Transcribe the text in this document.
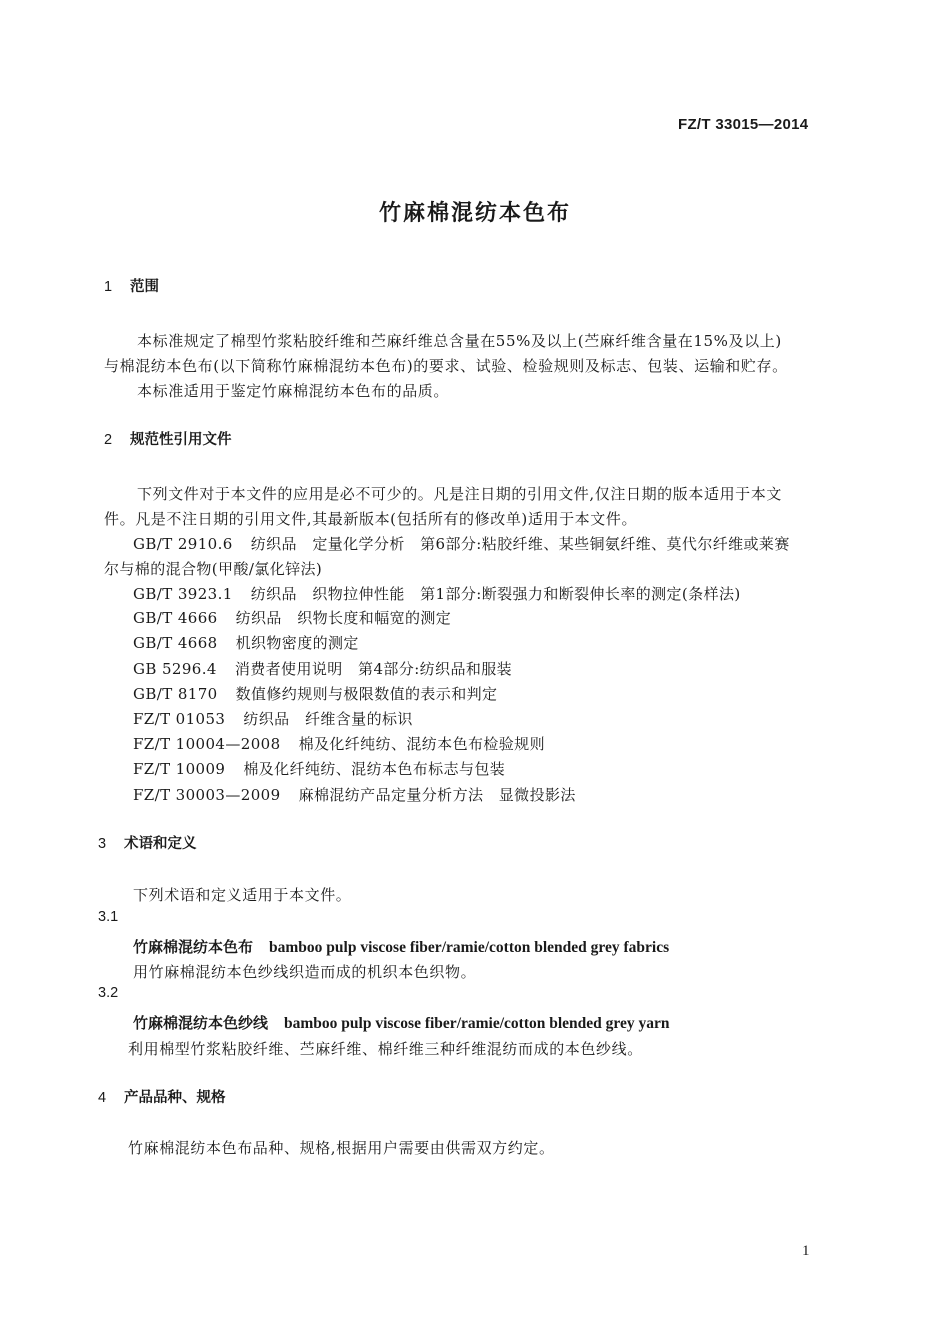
FZ/T 33015—2014
竹麻棉混纺本色布
1 范围
本标准规定了棉型竹浆粘胶纤维和苎麻纤维总含量在55%及以上(苎麻纤维含量在15%及以上)
与棉混纺本色布(以下简称竹麻棉混纺本色布)的要求、试验、检验规则及标志、包装、运输和贮存。
本标准适用于鉴定竹麻棉混纺本色布的品质。
2 规范性引用文件
下列文件对于本文件的应用是必不可少的。凡是注日期的引用文件,仅注日期的版本适用于本文
件。凡是不注日期的引用文件,其最新版本(包括所有的修改单)适用于本文件。
GB/T 2910.6 纺织品　定量化学分析　第6部分:粘胶纤维、某些铜氨纤维、莫代尔纤维或莱赛
尔与棉的混合物(甲酸/氯化锌法)
GB/T 3923.1 纺织品　织物拉伸性能　第1部分:断裂强力和断裂伸长率的测定(条样法)
GB/T 4666 纺织品　织物长度和幅宽的测定
GB/T 4668 机织物密度的测定
GB 5296.4 消费者使用说明　第4部分:纺织品和服装
GB/T 8170 数值修约规则与极限数值的表示和判定
FZ/T 01053 纺织品　纤维含量的标识
FZ/T 10004—2008 棉及化纤纯纺、混纺本色布检验规则
FZ/T 10009 棉及化纤纯纺、混纺本色布标志与包装
FZ/T 30003—2009 麻棉混纺产品定量分析方法　显微投影法
3 术语和定义
下列术语和定义适用于本文件。
3.1
竹麻棉混纺本色布 bamboo pulp viscose fiber/ramie/cotton blended grey fabrics
用竹麻棉混纺本色纱线织造而成的机织本色织物。
3.2
竹麻棉混纺本色纱线 bamboo pulp viscose fiber/ramie/cotton blended grey yarn
利用棉型竹浆粘胶纤维、苎麻纤维、棉纤维三种纤维混纺而成的本色纱线。
4 产品品种、规格
竹麻棉混纺本色布品种、规格,根据用户需要由供需双方约定。
1
